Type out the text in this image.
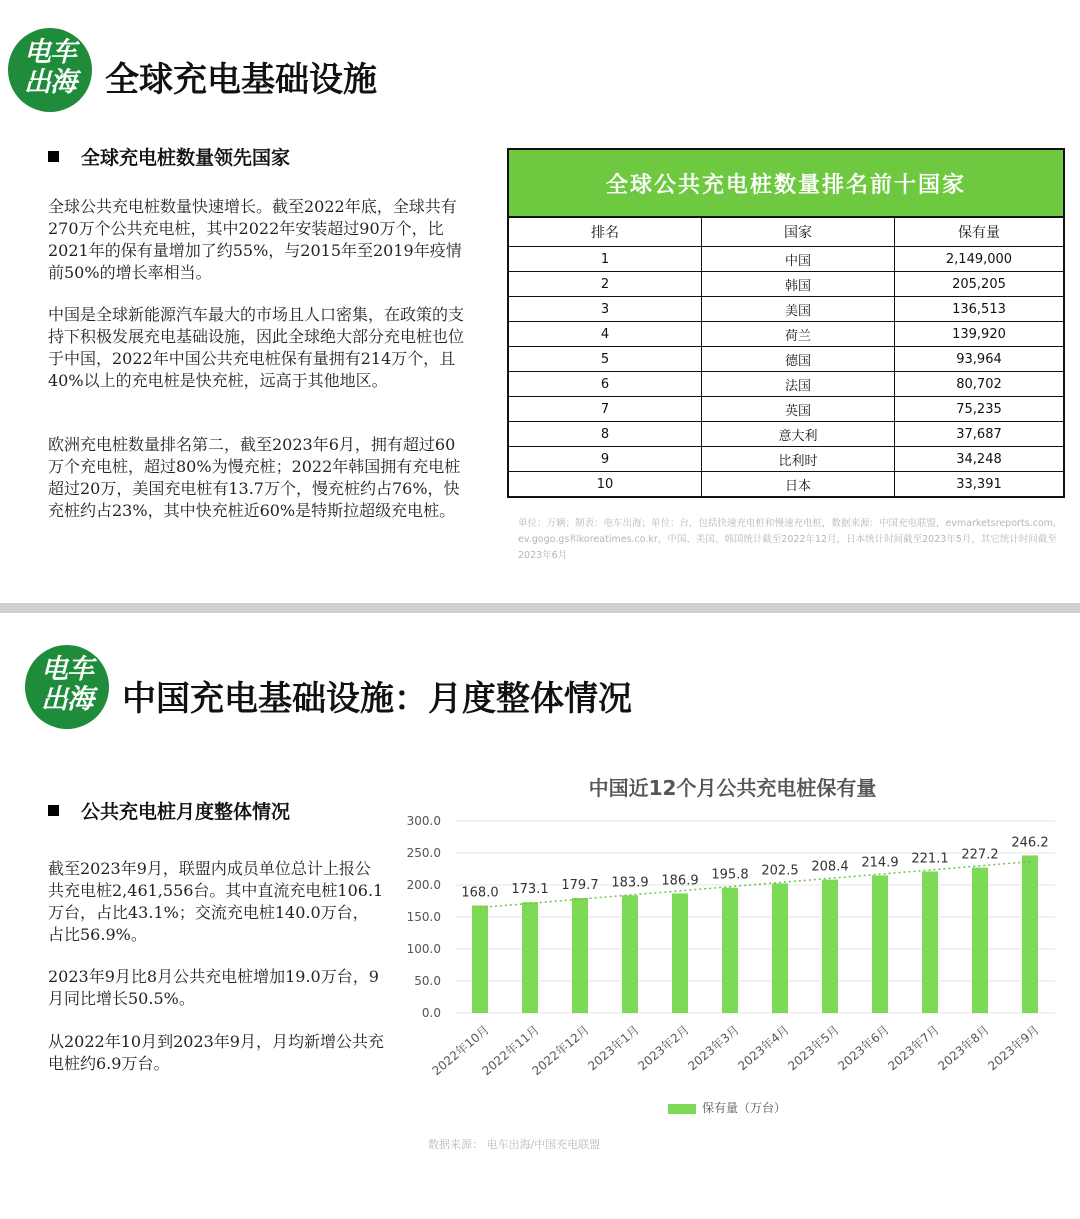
电车
出海 全球充电基础设施
全球充电桩数量领先国家
全球公共充电桩数量快速增长。截至2022年底，全球共有270万个公共充电桩，其中2022年安装超过90万个，比2021年的保有量增加了约55%，与2015年至2019年疫情前50%的增长率相当。
中国是全球新能源汽车最大的市场且人口密集，在政策的支持下积极发展充电基础设施，因此全球绝大部分充电桩也位于中国，2022年中国公共充电桩保有量拥有214万个，且40%以上的充电桩是快充桩，远高于其他地区。
欧洲充电桩数量排名第二，截至2023年6月，拥有超过60万个充电桩，超过80%为慢充桩；2022年韩国拥有充电桩超过20万，美国充电桩有13.7万个，慢充桩约占76%，快充桩约占23%，其中快充桩近60%是特斯拉超级充电桩。
全球公共充电桩数量排名前十国家		
排名	国家	保有量
1	中国	2,149,000
2	韩国	205,205
3	美国	136,513
4	荷兰	139,920
5	德国	93,964
6	法国	80,702
7	英国	75,235
8	意大利	37,687
9	比利时	34,248
10	日本	33,391
单位：万辆；制表：电车出海；单位：台，包括快速充电桩和慢速充电桩，数据来源：中国充电联盟，evmarketsreports.com, ev.gogo.gs和koreatimes.co.kr，中国、美国、韩国统计截至2022年12月，日本统计时间截至2023年5月，其它统计时间截至2023年6月
电车
出海 中国充电基础设施：月度整体情况
公共充电桩月度整体情况
截至2023年9月，联盟内成员单位总计上报公共充电桩2,461,556台。其中直流充电桩106.1万台，占比43.1%；交流充电桩140.0万台，占比56.9%。
2023年9月比8月公共充电桩增加19.0万台，9月同比增长50.5%。
从2022年10月到2023年9月，月均新增公共充电桩约6.9万台。
中国近12个月公共充电桩保有量
0.0
50.0
100.0
150.0
200.0
250.0
300.0
168.0
2022年10月
173.1
2022年11月
179.7
2022年12月
183.9
2023年1月
186.9
2023年2月
195.8
2023年3月
202.5
2023年4月
208.4
2023年5月
214.9
2023年6月
221.1
2023年7月
227.2
2023年8月
246.2
2023年9月
保有量（万台）
数据来源： 电车出海/中国充电联盟
